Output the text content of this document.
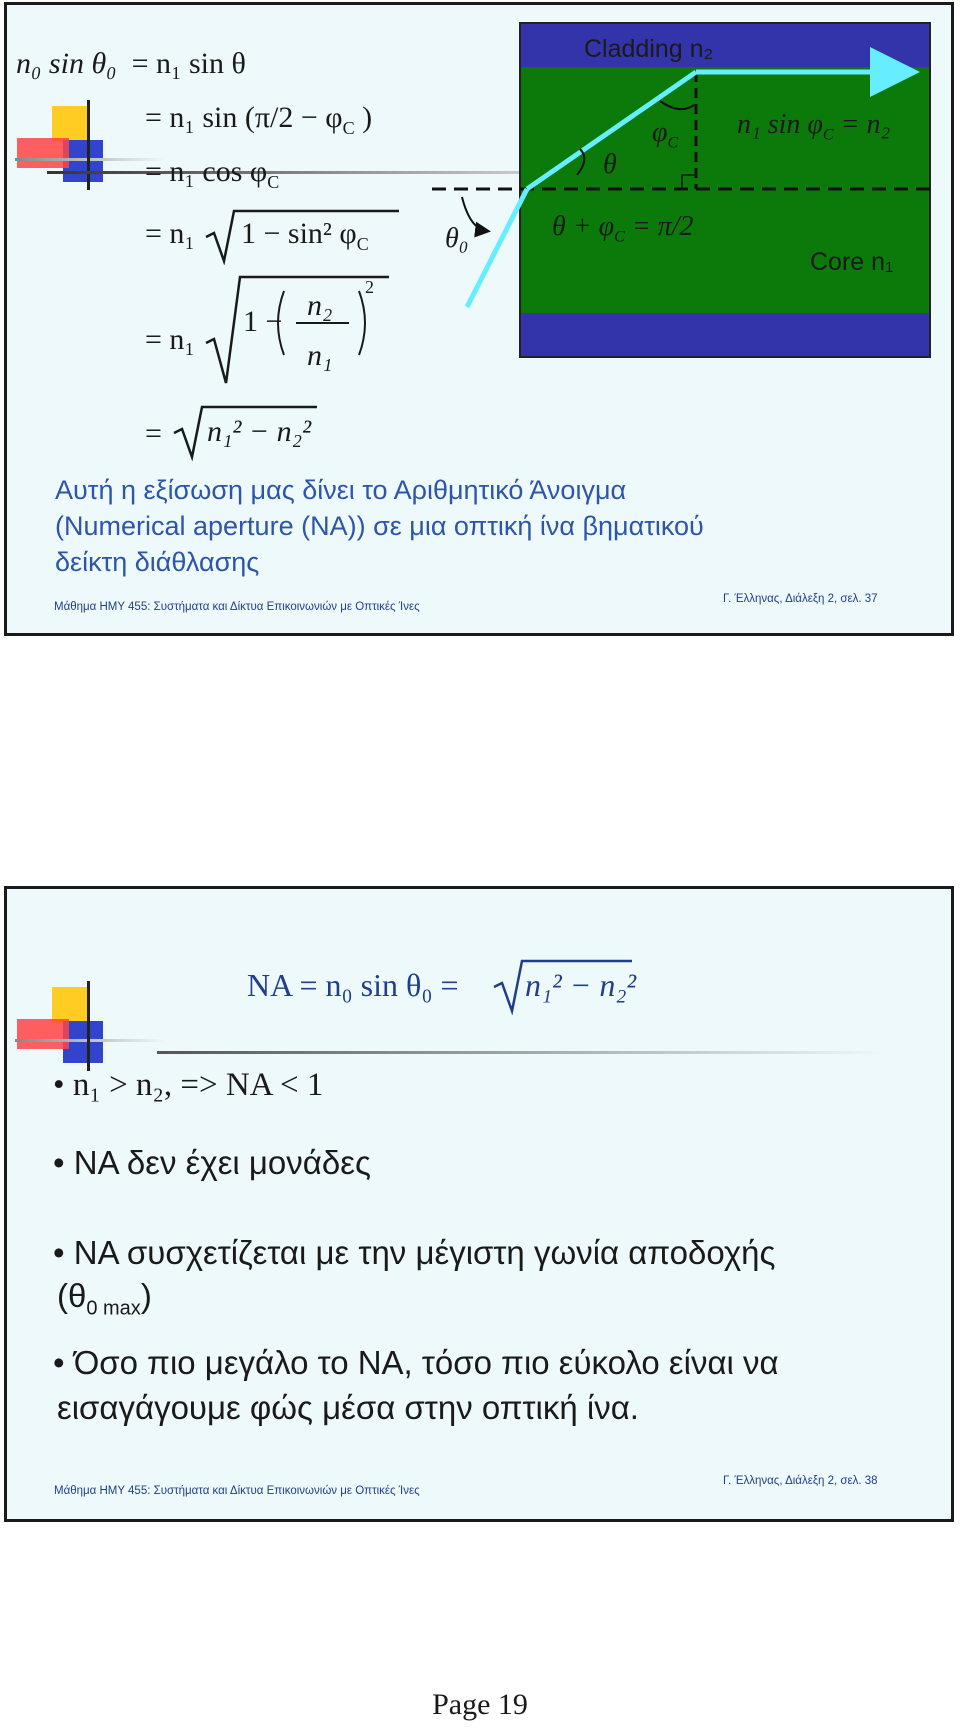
n₀ sin θ₀ = n₁ sin θ
= n₁ $\sin (\pi/2 - \varphi_C$ )
= n₁ $\cos \varphi_C$
= n₁ 1 − sin² $\varphi_C$
= n₁
1 − n₂
n₁
2
= n₁² − n₂²
Cladding n₂
Core n₁
θ₀
θ
$\varphi_C$
n₁ $\sin \varphi_C = n_2$
$\theta + \varphi_C = \pi/2$
Αυτή η εξίσωση μας δίνει το Αριθμητικό Άνοιγμα
(Numerical aperture (NA)) σε μια οπτική ίνα βηματικού
δείκτη διάθλασης
Μάθημα ΗΜΥ 455: Συστήματα και Δίκτυα Επικοινωνιών με Οπτικές Ίνες
Γ. Έλληνας, Διάλεξη 2, σελ. 37
NA = n₀ sin θ₀ = n₁² − n₂²
• n₁ > n₂, => NA < 1
• NA δεν έχει μονάδες
• NA συσχετίζεται με την μέγιστη γωνία αποδοχής
$(\theta_{0 max})$
• Όσο πιο μεγάλο το NA, τόσο πιο εύκολο είναι να
εισαγάγουμε φώς μέσα στην οπτική ίνα.
Μάθημα ΗΜΥ 455: Συστήματα και Δίκτυα Επικοινωνιών με Οπτικές Ίνες
Γ. Έλληνας, Διάλεξη 2, σελ. 38
Page 19
